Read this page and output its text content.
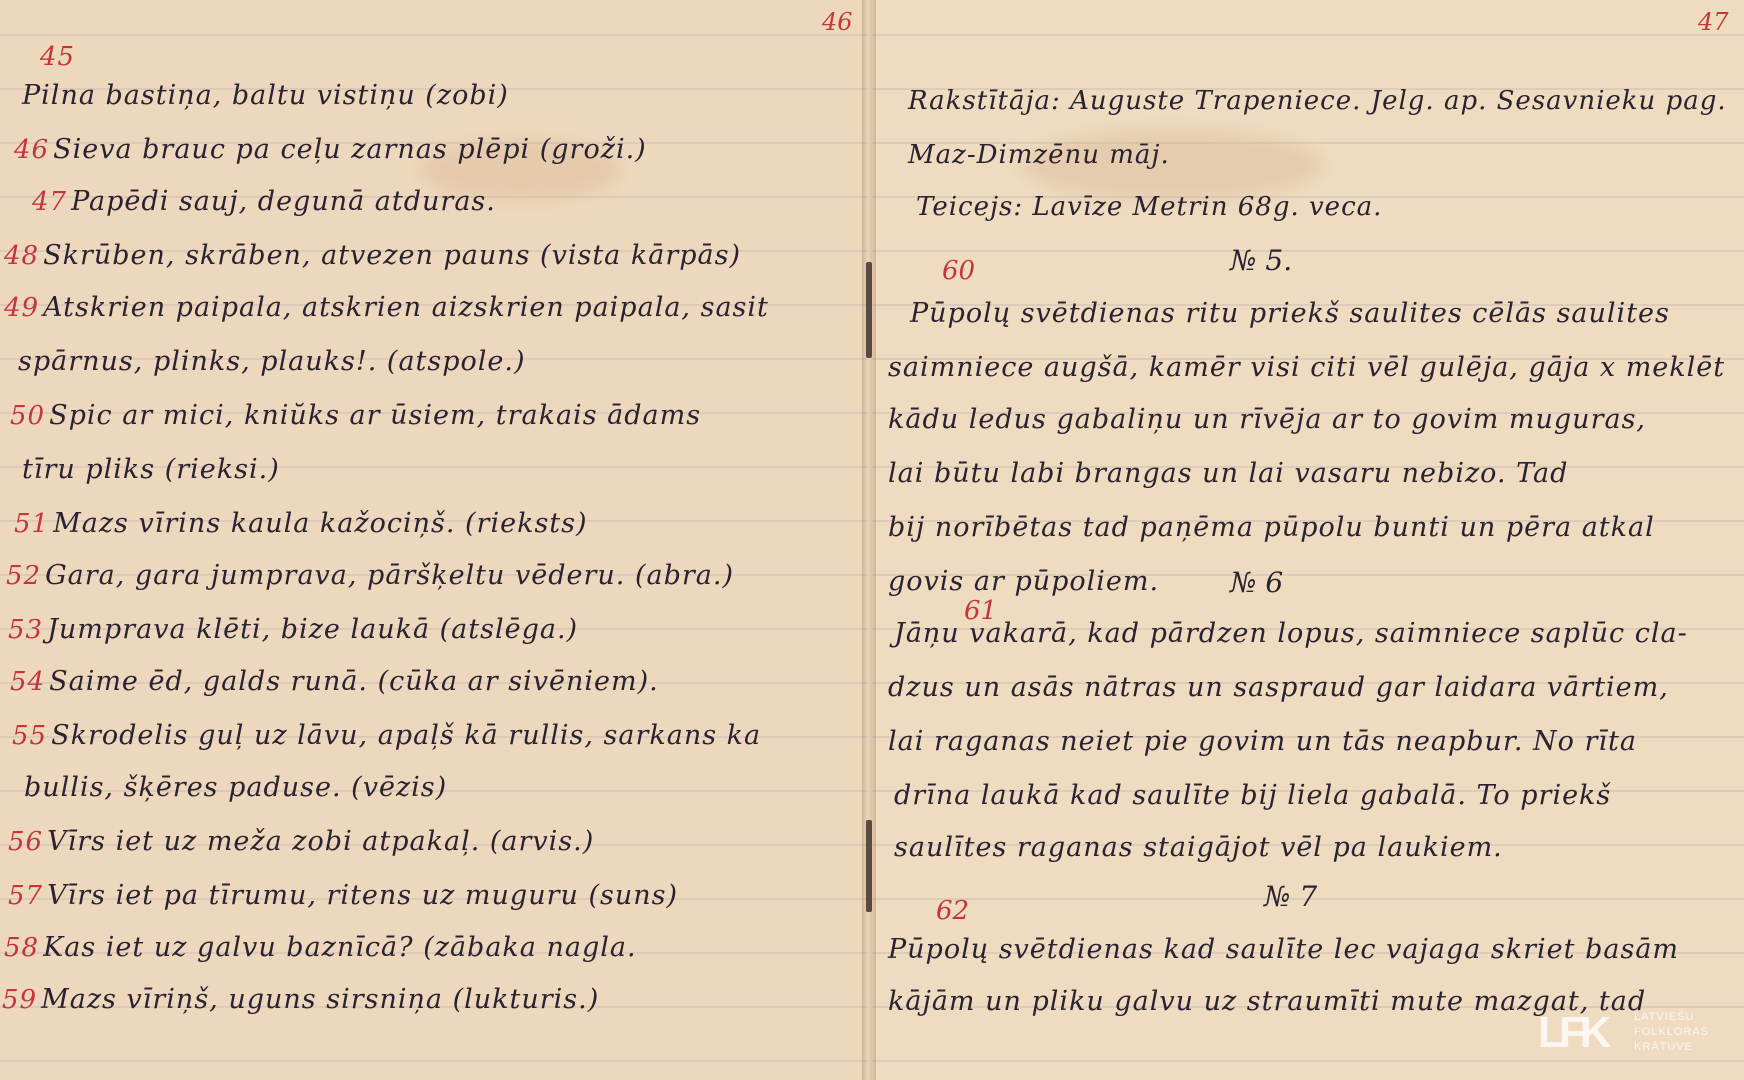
46
45
Pilna bastiņa, baltu vistiņu (zobi)
46 Sieva brauc pa ceļu zarnas plēpi (groži.)
47 Papēdi sauj, degunā atduras.
48 Skrūben, skrāben, atvezen pauns (vista kārpās)
49 Atskrien paipala, atskrien aizskrien paipala, sasit
spārnus, plinks, plauks!. (atspole.)
50 Spic ar mici, kniŭks ar ūsiem, trakais ādams
tīru pliks (rieksi.)
51 Mazs vīrins kaula kažociņš. (rieksts)
52 Gara, gara jumprava, pāršķeltu vēderu. (abra.)
53 Jumprava klēti, bize laukā (atslēga.)
54 Saime ēd, galds runā. (cūka ar sivēniem).
55 Skrodelis guļ uz lāvu, apaļš kā rullis, sarkans ka
bullis, šķēres paduse. (vēzis)
56 Vīrs iet uz meža zobi atpakaļ. (arvis.)
57 Vīrs iet pa tīrumu, ritens uz muguru (suns)
58 Kas iet uz galvu baznīcā? (zābaka nagla.
59 Mazs vīriņš, uguns sirsniņa (lukturis.)
47
Rakstītāja: Auguste Trapeniece. Jelg. ap. Sesavnieku pag.
Maz-Dimzēnu māj.
Teicejs: Lavīze Metrin 68g. veca.
№ 5.
60
Pūpolų svētdienas ritu priekš saulites cēlās saulites
saimniece augšā, kamēr visi citi vēl gulēja, gāja x meklēt
kādu ledus gabaliņu un rīvēja ar to govim muguras,
lai būtu labi brangas un lai vasaru nebizo. Tad
bij norībētas tad paņēma pūpolu bunti un pēra atkal
govis ar pūpoliem.	№ 6
61
Jāņu vakarā, kad pārdzen lopus, saimniece saplūc cla-
dzus un asās nātras un saspraud gar laidara vārtiem,
lai raganas neiet pie govim un tās neapbur. No rīta
drīna laukā kad saulīte bij liela gabalā. To priekš
saulītes raganas staigājot vēl pa laukiem.
№ 7
62
Pūpolų svētdienas kad saulīte lec vajaga skriet basām
kājām un pliku galvu uz straumīti mute mazgat, tad
LFK	LATVIEŠU
FOLKLORAS
KRĀTUVE
